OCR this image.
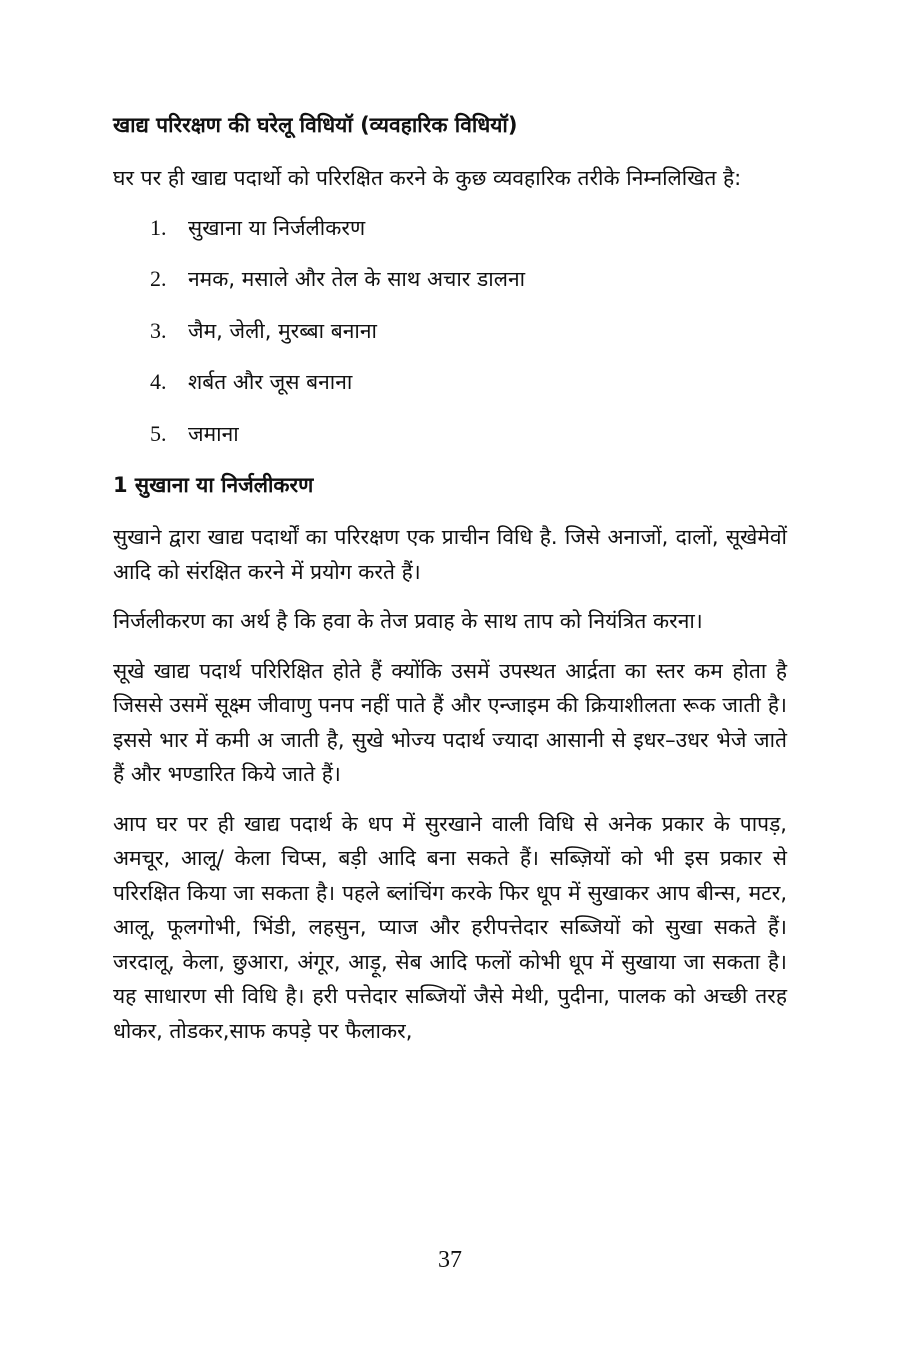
खाद्य परिरक्षण की घरेलू विधियॉ (व्यवहारिक विधियॉ)

घर पर ही खाद्य पदार्थो को परिरक्षित करने के कुछ व्यवहारिक तरीके निम्नलिखित है:

1.	सुखाना या निर्जलीकरण
2.	नमक, मसाले और तेल के साथ अचार डालना
3.	जैम, जेली, मुरब्बा बनाना
4.	शर्बत और जूस बनाना
5.	जमाना
1 सुखाना या निर्जलीकरण

सुखाने द्वारा खाद्य पदार्थों का परिरक्षण एक प्राचीन विधि है. जिसे अनाजों, दालों, सूखेमेवों आदि को संरक्षित करने में प्रयोग करते हैं।

निर्जलीकरण का अर्थ है कि हवा के तेज प्रवाह के साथ ताप को नियंत्रित करना।

सूखे खाद्य पदार्थ परिरिक्षित होते हैं क्योंकि उसमें उपस्थत आर्द्रता का स्तर कम होता है जिससे उसमें सूक्ष्म जीवाणु पनप नहीं पाते हैं और एन्जाइम की क्रियाशीलता रूक जाती है। इससे भार में कमी अ जाती है, सुखे भोज्य पदार्थ ज्यादा आसानी से इधर–उधर भेजे जाते हैं और भण्डारित किये जाते हैं।

आप घर पर ही खाद्य पदार्थ के धप में सुरखाने वाली विधि से अनेक प्रकार के पापड़, अमचूर, आलू/ केला चिप्स, बड़ी आदि बना सकते हैं। सब्ज़ियों को भी इस प्रकार से परिरक्षित किया जा सकता है। पहले ब्लांचिंग करके फिर धूप में सुखाकर आप बीन्स, मटर, आलू, फूलगोभी, भिंडी, लहसुन, प्याज और हरीपत्तेदार सब्जियों को सुखा सकते हैं। जरदालू, केला, छुआरा, अंगूर, आड़ू, सेब आदि फलों कोभी धूप में सुखाया जा सकता है। यह साधारण सी विधि है। हरी पत्तेदार सब्जियों जैसे मेथी, पुदीना, पालक को अच्छी तरह धोकर, तोडकर,साफ कपड़े पर फैलाकर,

37
